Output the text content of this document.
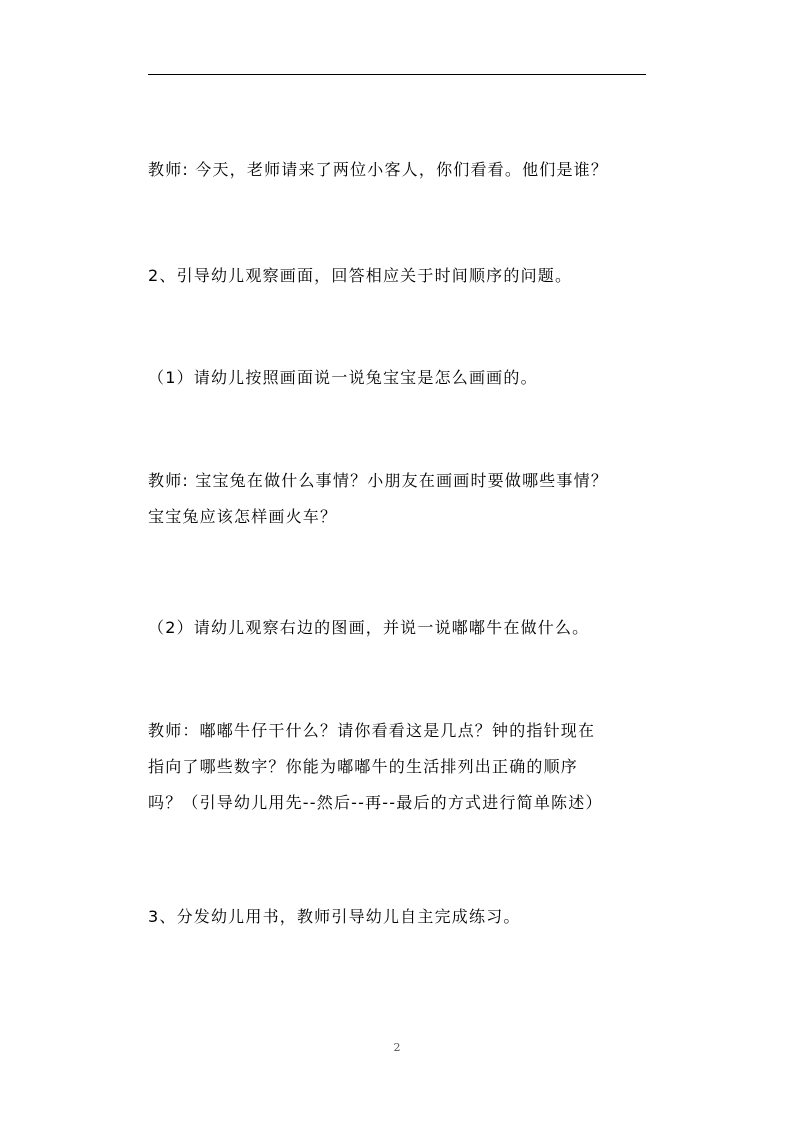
教师: 今天，老师请来了两位小客人，你们看看。他们是谁？

2、引导幼儿观察画面，回答相应关于时间顺序的问题。

（1）请幼儿按照画面说一说兔宝宝是怎么画画的。

教师: 宝宝兔在做什么事情？小朋友在画画时要做哪些事情？
宝宝兔应该怎样画火车？

（2）请幼儿观察右边的图画，并说一说嘟嘟牛在做什么。

教师：嘟嘟牛仔干什么？请你看看这是几点？钟的指针现在
指向了哪些数字？你能为嘟嘟牛的生活排列出正确的顺序
吗？（引导幼儿用先--然后--再--最后的方式进行简单陈述）

3、分发幼儿用书，教师引导幼儿自主完成练习。

2
